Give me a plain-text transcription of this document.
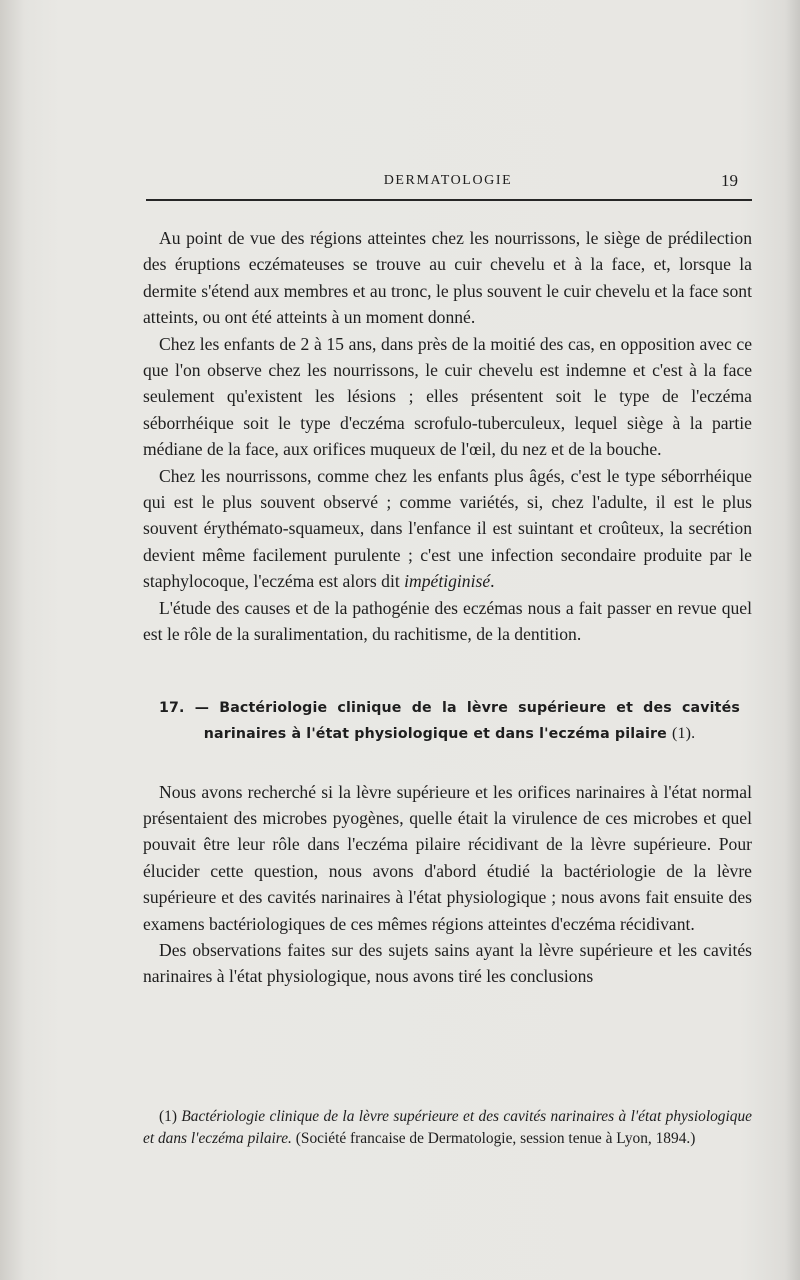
DERMATOLOGIE	19

Au point de vue des régions atteintes chez les nourrissons, le siège de prédilection des éruptions eczémateuses se trouve au cuir chevelu et à la face, et, lorsque la dermite s'étend aux membres et au tronc, le plus souvent le cuir chevelu et la face sont atteints, ou ont été atteints à un moment donné.

Chez les enfants de 2 à 15 ans, dans près de la moitié des cas, en opposition avec ce que l'on observe chez les nourrissons, le cuir chevelu est indemne et c'est à la face seulement qu'existent les lésions ; elles présentent soit le type de l'eczéma séborrhéique soit le type d'eczéma scrofulo-tuberculeux, lequel siège à la partie médiane de la face, aux orifices muqueux de l'œil, du nez et de la bouche.

Chez les nourrissons, comme chez les enfants plus âgés, c'est le type séborrhéique qui est le plus souvent observé ; comme variétés, si, chez l'adulte, il est le plus souvent érythémato-squameux, dans l'enfance il est suintant et croûteux, la secrétion devient même facilement purulente ; c'est une infection secondaire produite par le staphylocoque, l'eczéma est alors dit impétiginisé.

L'étude des causes et de la pathogénie des eczémas nous a fait passer en revue quel est le rôle de la suralimentation, du rachitisme, de la dentition.

17. — Bactériologie clinique de la lèvre supérieure et des cavités narinaires à l'état physiologique et dans l'eczéma pilaire (1).

Nous avons recherché si la lèvre supérieure et les orifices narinaires à l'état normal présentaient des microbes pyogènes, quelle était la virulence de ces microbes et quel pouvait être leur rôle dans l'eczéma pilaire récidivant de la lèvre supérieure. Pour élucider cette question, nous avons d'abord étudié la bactériologie de la lèvre supérieure et des cavités narinaires à l'état physiologique ; nous avons fait ensuite des examens bactériologiques de ces mêmes régions atteintes d'eczéma récidivant.

Des observations faites sur des sujets sains ayant la lèvre supérieure et les cavités narinaires à l'état physiologique, nous avons tiré les conclusions

(1) Bactériologie clinique de la lèvre supérieure et des cavités narinaires à l'état physiologique et dans l'eczéma pilaire. (Société francaise de Dermatologie, session tenue à Lyon, 1894.)
